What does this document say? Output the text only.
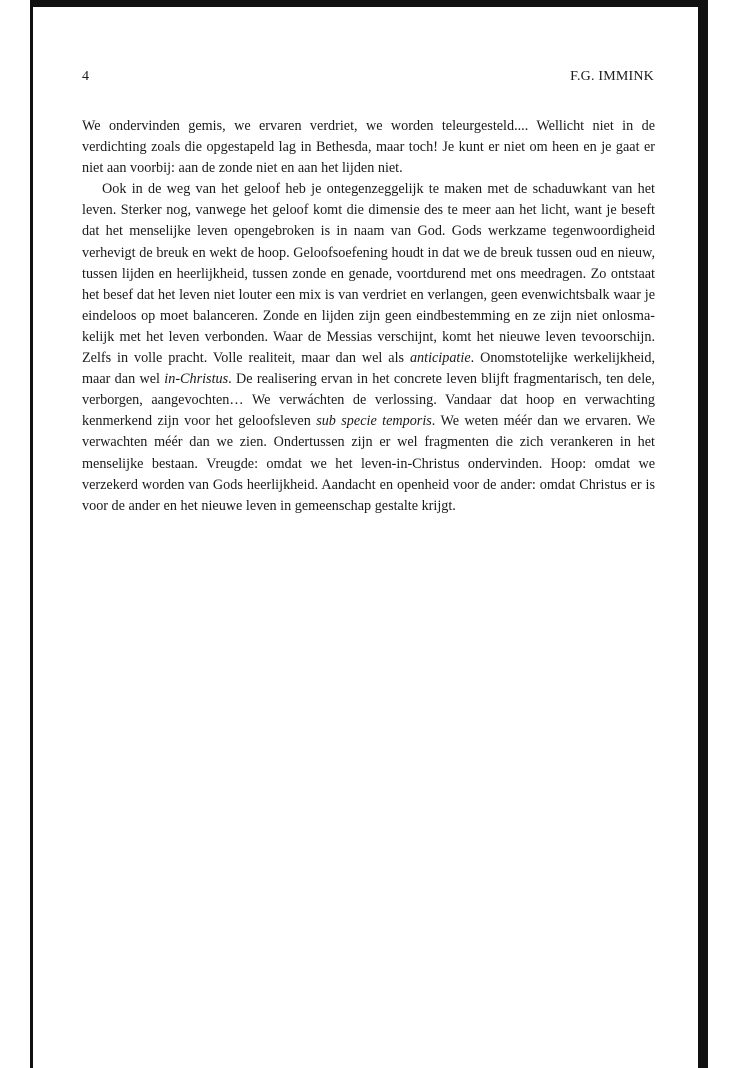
4	F.G. IMMINK

We ondervinden gemis, we ervaren verdriet, we worden teleurgesteld.... Wellicht niet in de verdichting zoals die opgestapeld lag in Bethesda, maar toch! Je kunt er niet om heen en je gaat er niet aan voorbij: aan de zonde niet en aan het lijden niet.

Ook in de weg van het geloof heb je ontegenzeggelijk te maken met de schaduwkant van het leven. Sterker nog, vanwege het geloof komt die dimensie des te meer aan het licht, want je beseft dat het menselijke leven opengebroken is in naam van God. Gods werkzame tegenwoordigheid verhevigt de breuk en wekt de hoop. Geloofsoefening houdt in dat we de breuk tussen oud en nieuw, tussen lijden en heerlijkheid, tussen zonde en genade, voortdurend met ons meedragen. Zo ontstaat het besef dat het leven niet louter een mix is van verdriet en verlangen, geen evenwichtsbalk waar je eindeloos op moet balanceren. Zonde en lijden zijn geen eindbestemming en ze zijn niet onlosmakelijk met het leven verbonden. Waar de Messias verschijnt, komt het nieuwe leven tevoorschijn. Zelfs in volle pracht. Volle realiteit, maar dan wel als anticipatie. Onomstotelijke werkelijkheid, maar dan wel in-Christus. De realisering ervan in het concrete leven blijft fragmentarisch, ten dele, verborgen, aangevochten… We verwáchten de verlossing. Vandaar dat hoop en verwachting kenmerkend zijn voor het geloofsleven sub specie temporis. We weten méér dan we ervaren. We verwachten méér dan we zien. Ondertussen zijn er wel fragmenten die zich verankeren in het menselijke bestaan. Vreugde: omdat we het leven-in-Christus ondervinden. Hoop: omdat we verzekerd worden van Gods heerlijkheid. Aandacht en openheid voor de ander: omdat Christus er is voor de ander en het nieuwe leven in gemeenschap gestalte krijgt.
